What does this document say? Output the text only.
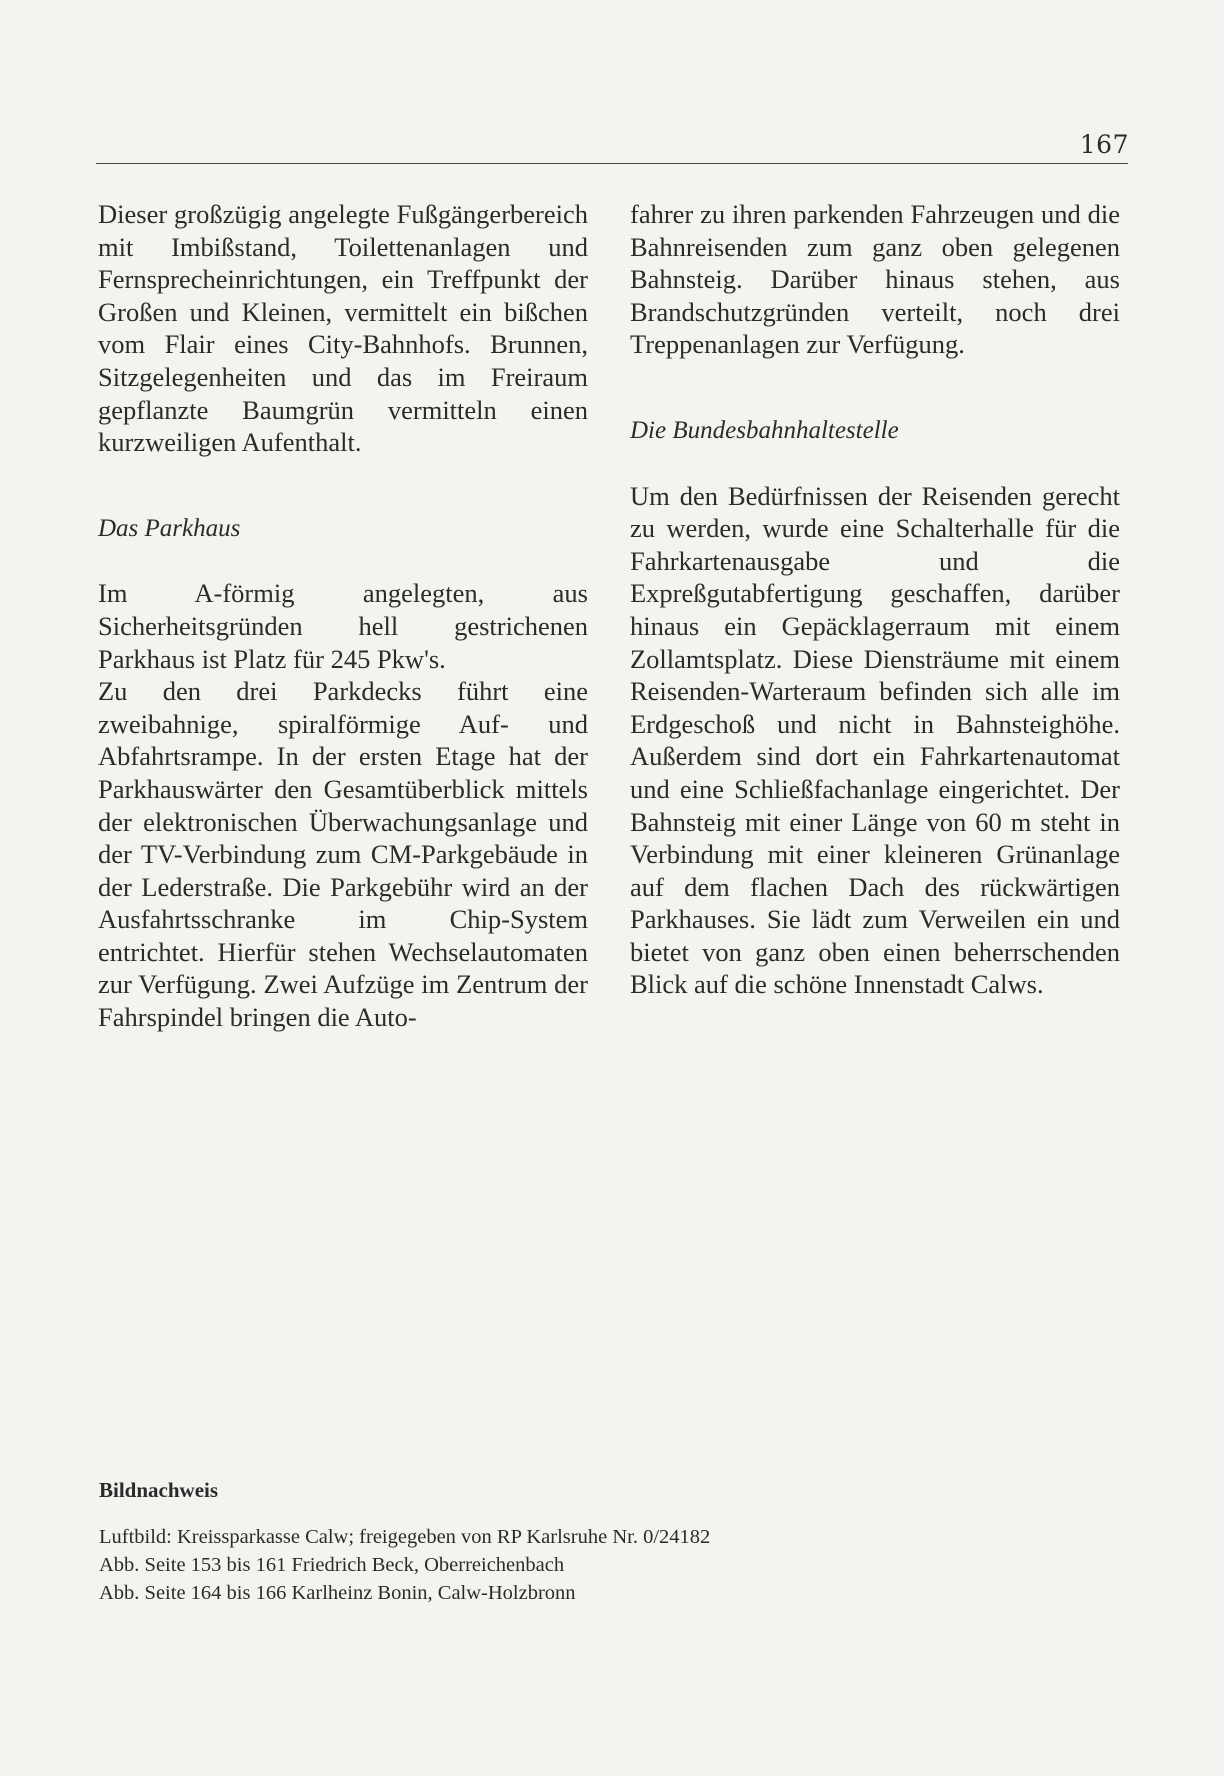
167

Dieser großzügig angelegte Fußgängerbereich mit Imbißstand, Toilettenanlagen und Fernsprecheinrichtungen, ein Treffpunkt der Großen und Kleinen, vermittelt ein bißchen vom Flair eines City-Bahnhofs. Brunnen, Sitzgelegenheiten und das im Freiraum gepflanzte Baumgrün vermitteln einen kurzweiligen Aufenthalt.

Das Parkhaus

Im A-förmig angelegten, aus Sicherheitsgründen hell gestrichenen Parkhaus ist Platz für 245 Pkw's.

Zu den drei Parkdecks führt eine zweibahnige, spiralförmige Auf- und Abfahrtsrampe. In der ersten Etage hat der Parkhauswärter den Gesamtüberblick mittels der elektronischen Überwachungsanlage und der TV-Verbindung zum CM-Parkgebäude in der Lederstraße. Die Parkgebühr wird an der Ausfahrtsschranke im Chip-System entrichtet. Hierfür stehen Wechselautomaten zur Verfügung. Zwei Aufzüge im Zentrum der Fahrspindel bringen die Auto-

fahrer zu ihren parkenden Fahrzeugen und die Bahnreisenden zum ganz oben gelegenen Bahnsteig. Darüber hinaus stehen, aus Brandschutzgründen verteilt, noch drei Treppenanlagen zur Verfügung.

Die Bundesbahnhaltestelle

Um den Bedürfnissen der Reisenden gerecht zu werden, wurde eine Schalterhalle für die Fahrkartenausgabe und die Expreßgutabfertigung geschaffen, darüber hinaus ein Gepäcklagerraum mit einem Zollamtsplatz. Diese Diensträume mit einem Reisenden-Warteraum befinden sich alle im Erdgeschoß und nicht in Bahnsteighöhe. Außerdem sind dort ein Fahrkartenautomat und eine Schließfachanlage eingerichtet. Der Bahnsteig mit einer Länge von 60 m steht in Verbindung mit einer kleineren Grünanlage auf dem flachen Dach des rückwärtigen Parkhauses. Sie lädt zum Verweilen ein und bietet von ganz oben einen beherrschenden Blick auf die schöne Innenstadt Calws.

Bildnachweis
Luftbild: Kreissparkasse Calw; freigegeben von RP Karlsruhe Nr. 0/24182
Abb. Seite 153 bis 161 Friedrich Beck, Oberreichenbach
Abb. Seite 164 bis 166 Karlheinz Bonin, Calw-Holzbronn
